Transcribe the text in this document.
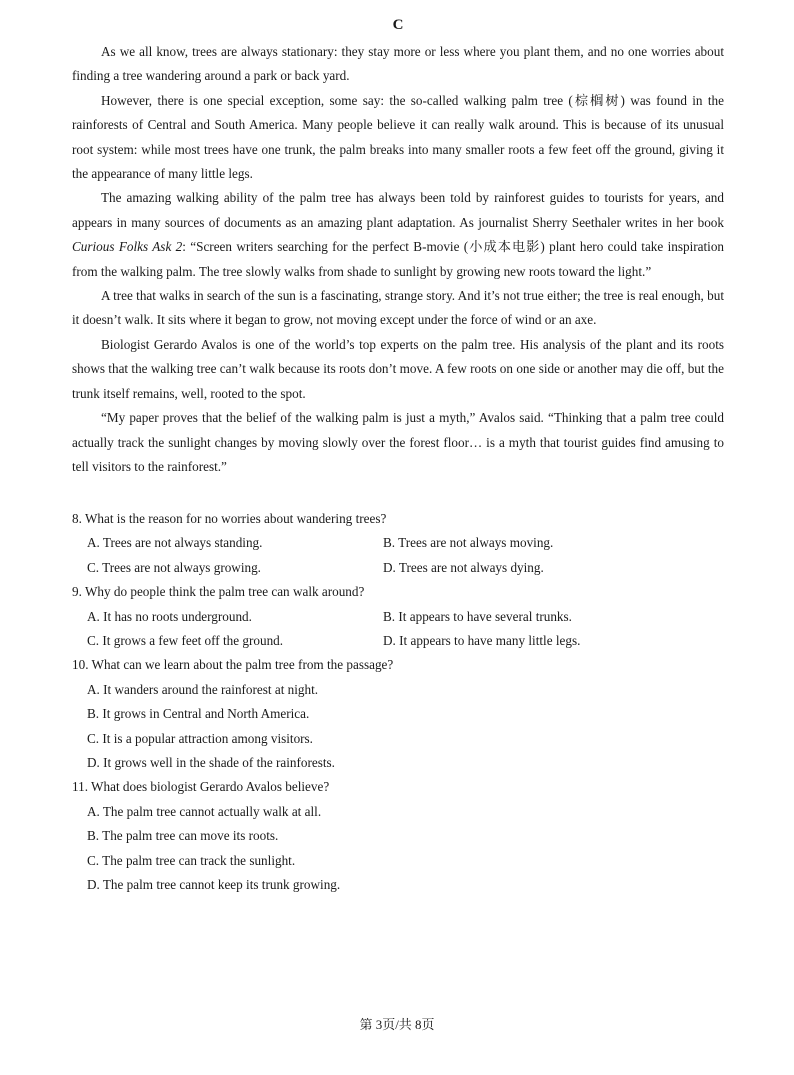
C

As we all know, trees are always stationary: they stay more or less where you plant them, and no one worries about finding a tree wandering around a park or back yard.

However, there is one special exception, some say: the so-called walking palm tree (棕榈树) was found in the rainforests of Central and South America. Many people believe it can really walk around. This is because of its unusual root system: while most trees have one trunk, the palm breaks into many smaller roots a few feet off the ground, giving it the appearance of many little legs.

The amazing walking ability of the palm tree has always been told by rainforest guides to tourists for years, and appears in many sources of documents as an amazing plant adaptation. As journalist Sherry Seethaler writes in her book Curious Folks Ask 2: “Screen writers searching for the perfect B-movie (小成本电影) plant hero could take inspiration from the walking palm. The tree slowly walks from shade to sunlight by growing new roots toward the light.”

A tree that walks in search of the sun is a fascinating, strange story. And it’s not true either; the tree is real enough, but it doesn’t walk. It sits where it began to grow, not moving except under the force of wind or an axe.

Biologist Gerardo Avalos is one of the world’s top experts on the palm tree. His analysis of the plant and its roots shows that the walking tree can’t walk because its roots don’t move. A few roots on one side or another may die off, but the trunk itself remains, well, rooted to the spot.

“My paper proves that the belief of the walking palm is just a myth,” Avalos said. “Thinking that a palm tree could actually track the sunlight changes by moving slowly over the forest floor… is a myth that tourist guides find amusing to tell visitors to the rainforest.”

8. What is the reason for no worries about wandering trees?

A. Trees are not always standing.	B. Trees are not always moving.
C. Trees are not always growing.	D. Trees are not always dying.

9. Why do people think the palm tree can walk around?

A. It has no roots underground.	B. It appears to have several trunks.
C. It grows a few feet off the ground.	D. It appears to have many little legs.

10. What can we learn about the palm tree from the passage?

A. It wanders around the rainforest at night.

B. It grows in Central and North America.

C. It is a popular attraction among visitors.

D. It grows well in the shade of the rainforests.

11. What does biologist Gerardo Avalos believe?

A. The palm tree cannot actually walk at all.

B. The palm tree can move its roots.

C. The palm tree can track the sunlight.

D. The palm tree cannot keep its trunk growing.

第 3页/共 8页
